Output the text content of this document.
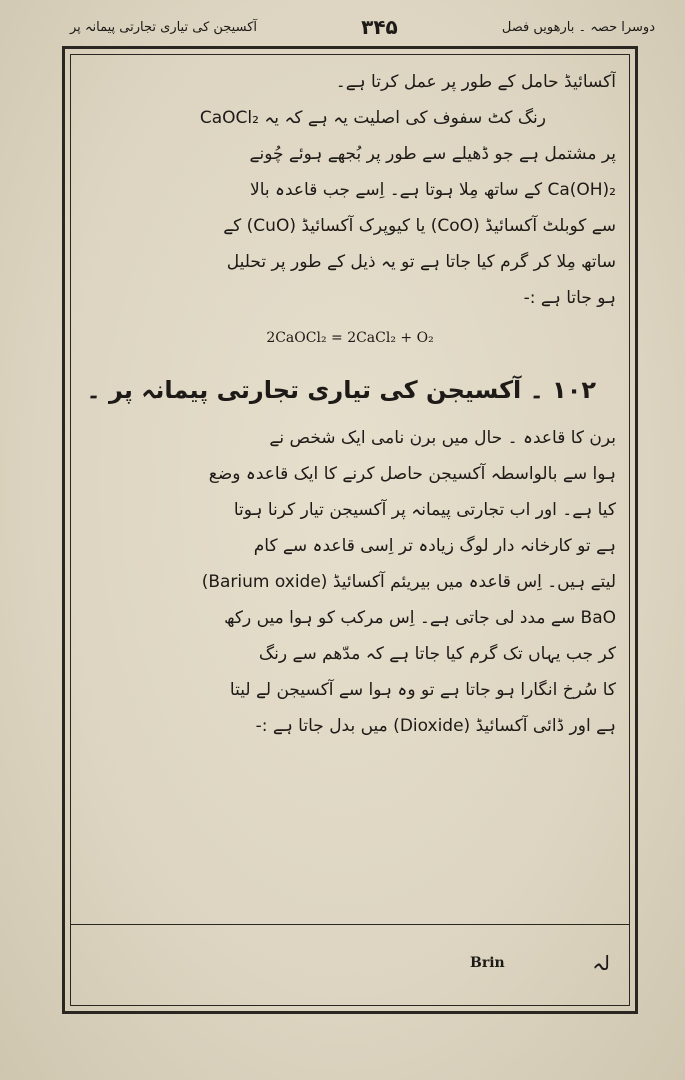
آکسیجن کی تیاری تجارتی پیمانہ پر	۳۴۵	دوسرا حصہ ۔ بارھویں فصل
آکسائیڈ حامل کے طور پر عمل کرتا ہے۔
رنگ کٹ سفوف کی اصلیت یہ ہے کہ یہ CaOCl₂
پر مشتمل ہے جو ڈھیلے سے طور پر بُجھے ہوئے چُونے
Ca(OH)₂ کے ساتھ مِلا ہوتا ہے۔ اِسے جب قاعدہ بالا
سے کوبلٹ آکسائیڈ (CoO) یا کیوپرک آکسائیڈ (CuO) کے
ساتھ مِلا کر گرم کیا جاتا ہے تو یہ ذیل کے طور پر تحلیل
ہو جاتا ہے :-
2CaOCl₂ = 2CaCl₂ + O₂
۱۰۲ ۔ آکسیجن کی تیاری تجارتی پیمانہ پر ۔
برن کا قاعدہ ۔ حال میں برن نامی ایک شخص نے
ہوا سے بالواسطہ آکسیجن حاصل کرنے کا ایک قاعدہ وضع
کیا ہے۔ اور اب تجارتی پیمانہ پر آکسیجن تیار کرنا ہوتا
ہے تو کارخانہ دار لوگ زیادہ تر اِسی قاعدہ سے کام
لیتے ہیں۔ اِس قاعدہ میں بیریئم آکسائیڈ (Barium oxide)
BaO سے مدد لی جاتی ہے۔ اِس مرکب کو ہوا میں رکھ
کر جب یہاں تک گرم کیا جاتا ہے کہ مدّھم سے رنگ
کا سُرخ انگارا ہو جاتا ہے تو وہ ہوا سے آکسیجن لے لیتا
ہے اور ڈائی آکسائیڈ (Dioxide) میں بدل جاتا ہے :-
Brin	لہ
